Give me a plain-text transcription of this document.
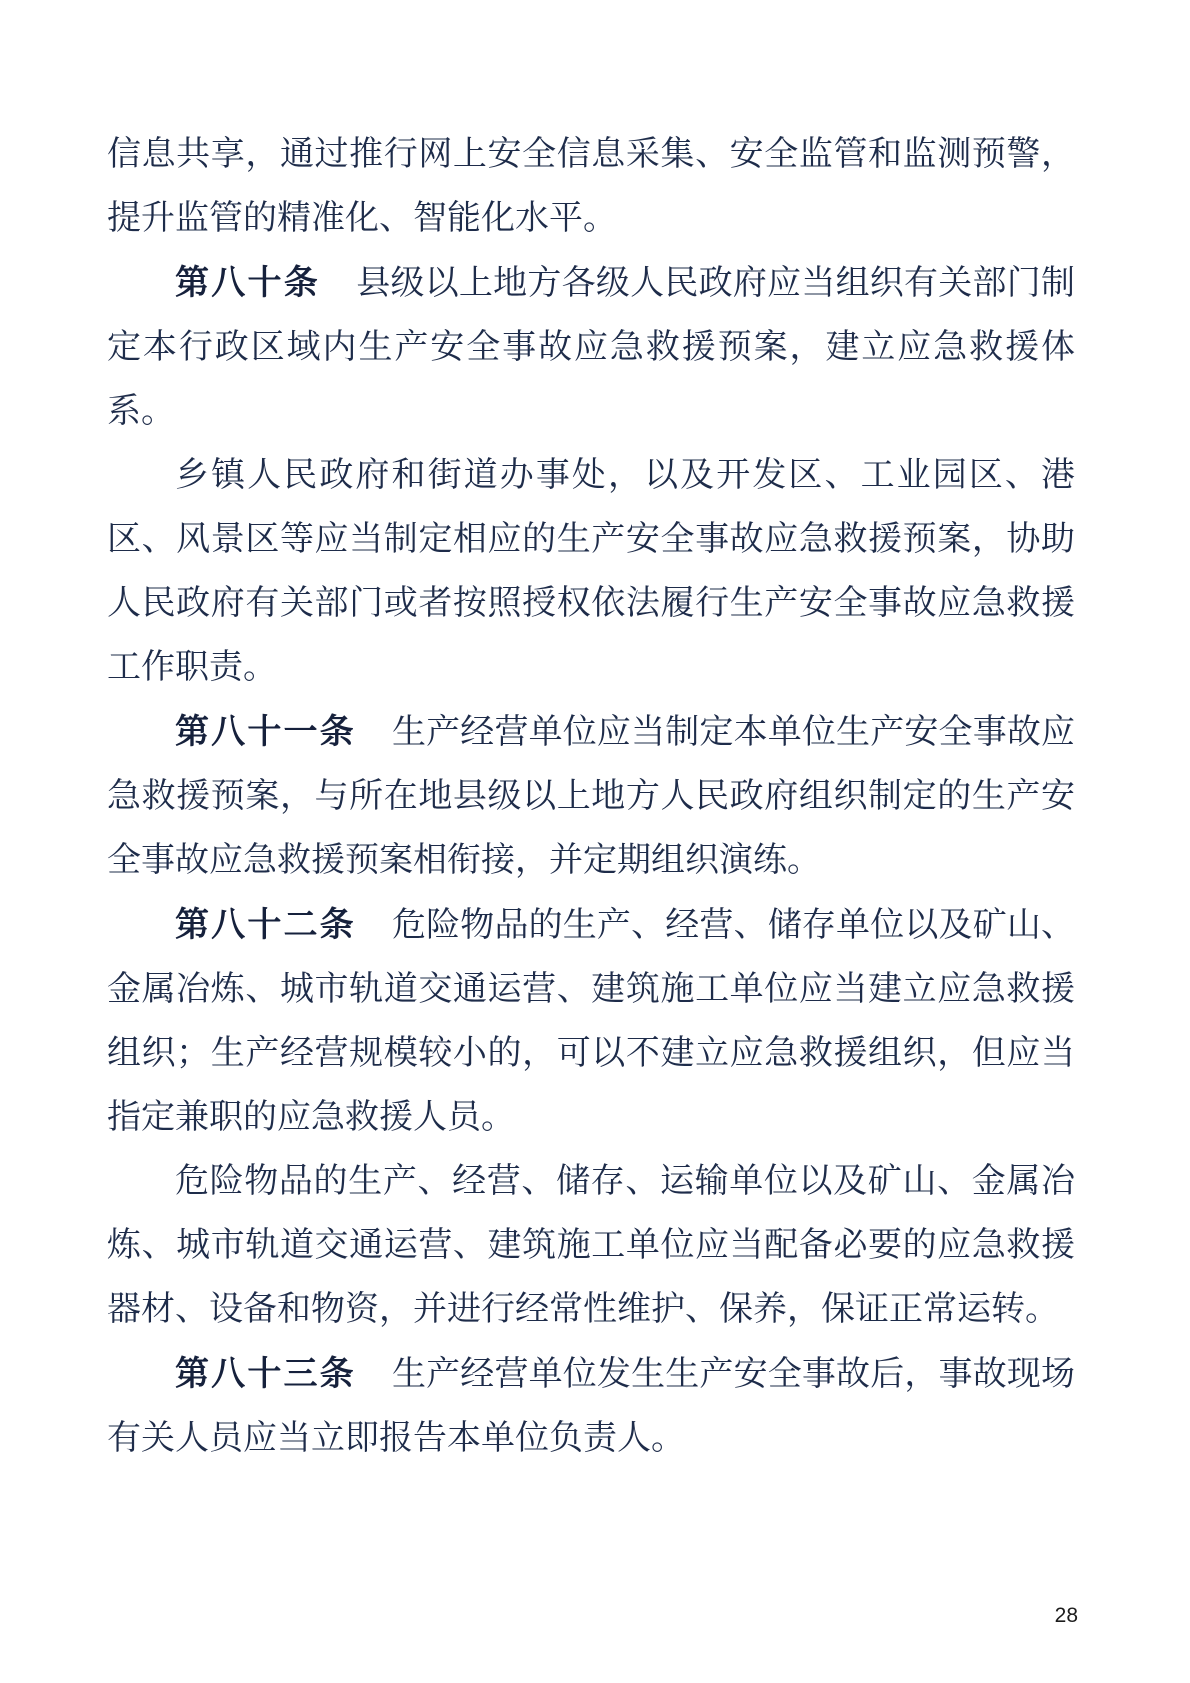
信息共享，通过推行网上安全信息采集、安全监管和监测预警，提升监管的精准化、智能化水平。

第八十条 县级以上地方各级人民政府应当组织有关部门制定本行政区域内生产安全事故应急救援预案，建立应急救援体系。

乡镇人民政府和街道办事处，以及开发区、工业园区、港区、风景区等应当制定相应的生产安全事故应急救援预案，协助人民政府有关部门或者按照授权依法履行生产安全事故应急救援工作职责。

第八十一条 生产经营单位应当制定本单位生产安全事故应急救援预案，与所在地县级以上地方人民政府组织制定的生产安全事故应急救援预案相衔接，并定期组织演练。

第八十二条 危险物品的生产、经营、储存单位以及矿山、金属冶炼、城市轨道交通运营、建筑施工单位应当建立应急救援组织；生产经营规模较小的，可以不建立应急救援组织，但应当指定兼职的应急救援人员。

危险物品的生产、经营、储存、运输单位以及矿山、金属冶炼、城市轨道交通运营、建筑施工单位应当配备必要的应急救援器材、设备和物资，并进行经常性维护、保养，保证正常运转。

第八十三条 生产经营单位发生生产安全事故后，事故现场有关人员应当立即报告本单位负责人。

28
